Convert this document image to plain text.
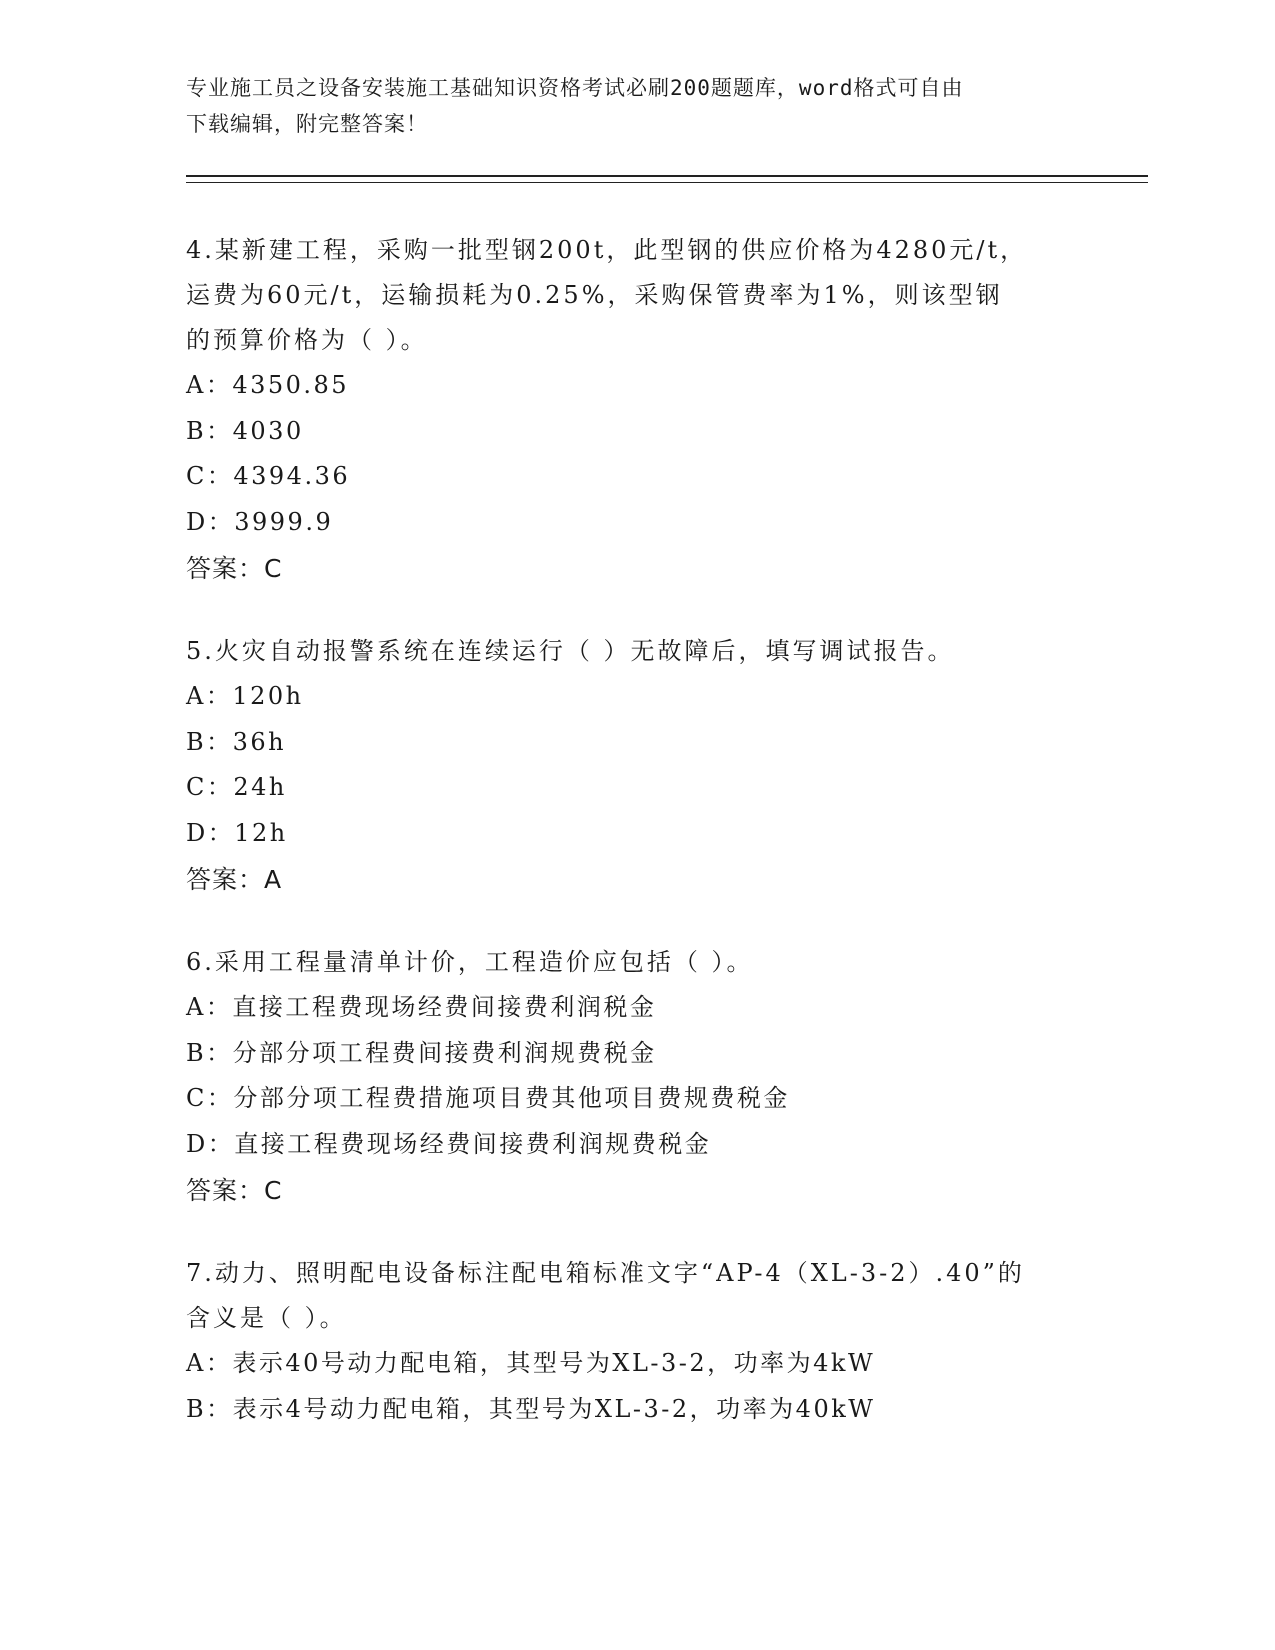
专业施工员之设备安装施工基础知识资格考试必刷200题题库，word格式可自由
下载编辑，附完整答案！
4.某新建工程，采购一批型钢200t，此型钢的供应价格为4280元/t，
运费为60元/t，运输损耗为0.25%，采购保管费率为1%，则该型钢
的预算价格为（ ）。
A：4350.85
B：4030
C：4394.36
D：3999.9
答案：C
5.火灾自动报警系统在连续运行（ ）无故障后，填写调试报告。
A：120h
B：36h
C：24h
D：12h
答案：A
6.采用工程量清单计价，工程造价应包括（ ）。
A：直接工程费现场经费间接费利润税金
B：分部分项工程费间接费利润规费税金
C：分部分项工程费措施项目费其他项目费规费税金
D：直接工程费现场经费间接费利润规费税金
答案：C
7.动力、照明配电设备标注配电箱标准文字“AP-4（XL-3-2）.40”的
含义是（ ）。
A：表示40号动力配电箱，其型号为XL-3-2，功率为4kW
B：表示4号动力配电箱，其型号为XL-3-2，功率为40kW
